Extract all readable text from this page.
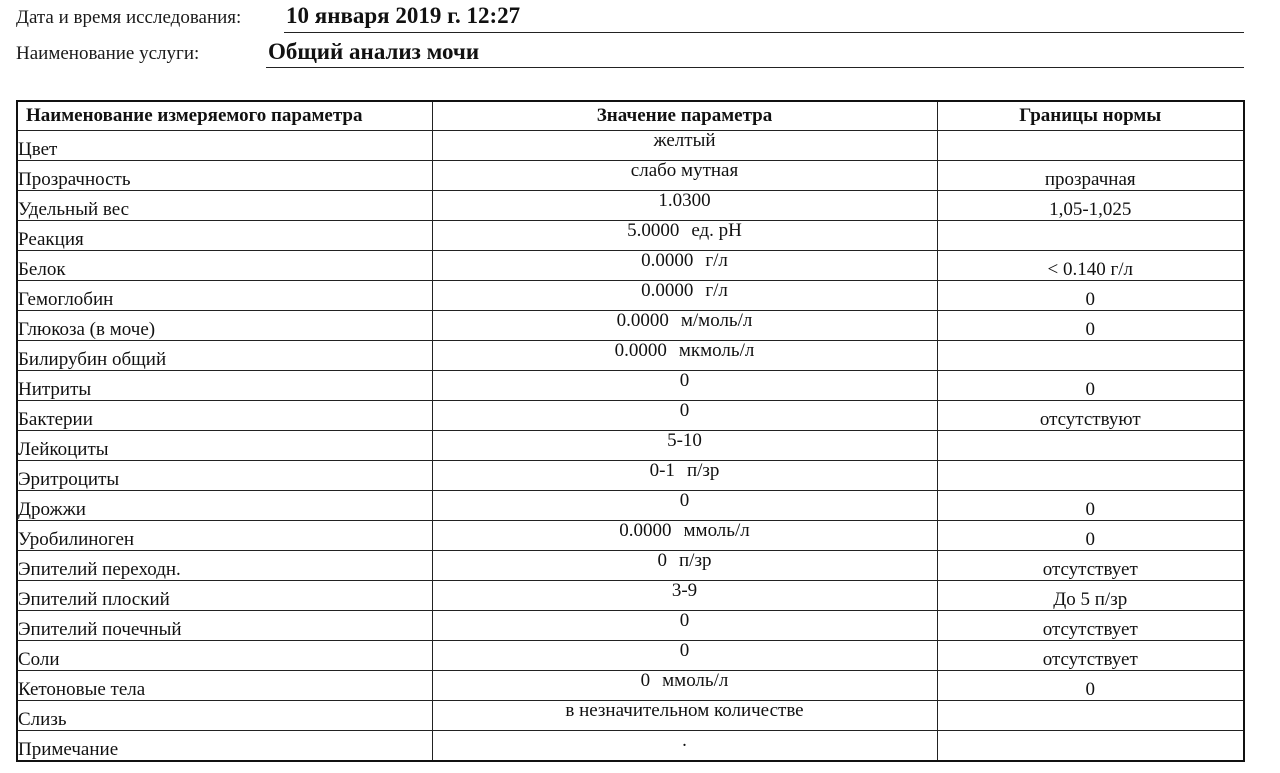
Дата и время исследования: 10 января 2019 г. 12:27
Наименование услуги:	Общий анализ мочи
Наименование измеряемого параметра	Значение параметра	Границы нормы
Цвет	желтый	
Прозрачность	слабо мутная	прозрачная
Удельный вес	1.0300	1,05-1,025
Реакция	5.0000 ед. pH	
Белок	0.0000 г/л	< 0.140 г/л
Гемоглобин	0.0000 г/л	0
Глюкоза (в моче)	0.0000 м/моль/л	0
Билирубин общий	0.0000 мкмоль/л	
Нитриты	0	0
Бактерии	0	отсутствуют
Лейкоциты	5-10	
Эритроциты	0-1 п/зр	
Дрожжи	0	0
Уробилиноген	0.0000 ммоль/л	0
Эпителий переходн.	0 п/зр	отсутствует
Эпителий плоский	3-9	До 5 п/зр
Эпителий почечный	0	отсутствует
Соли	0	отсутствует
Кетоновые тела	0 ммоль/л	0
Слизь	в незначительном количестве	
Примечание	.	
